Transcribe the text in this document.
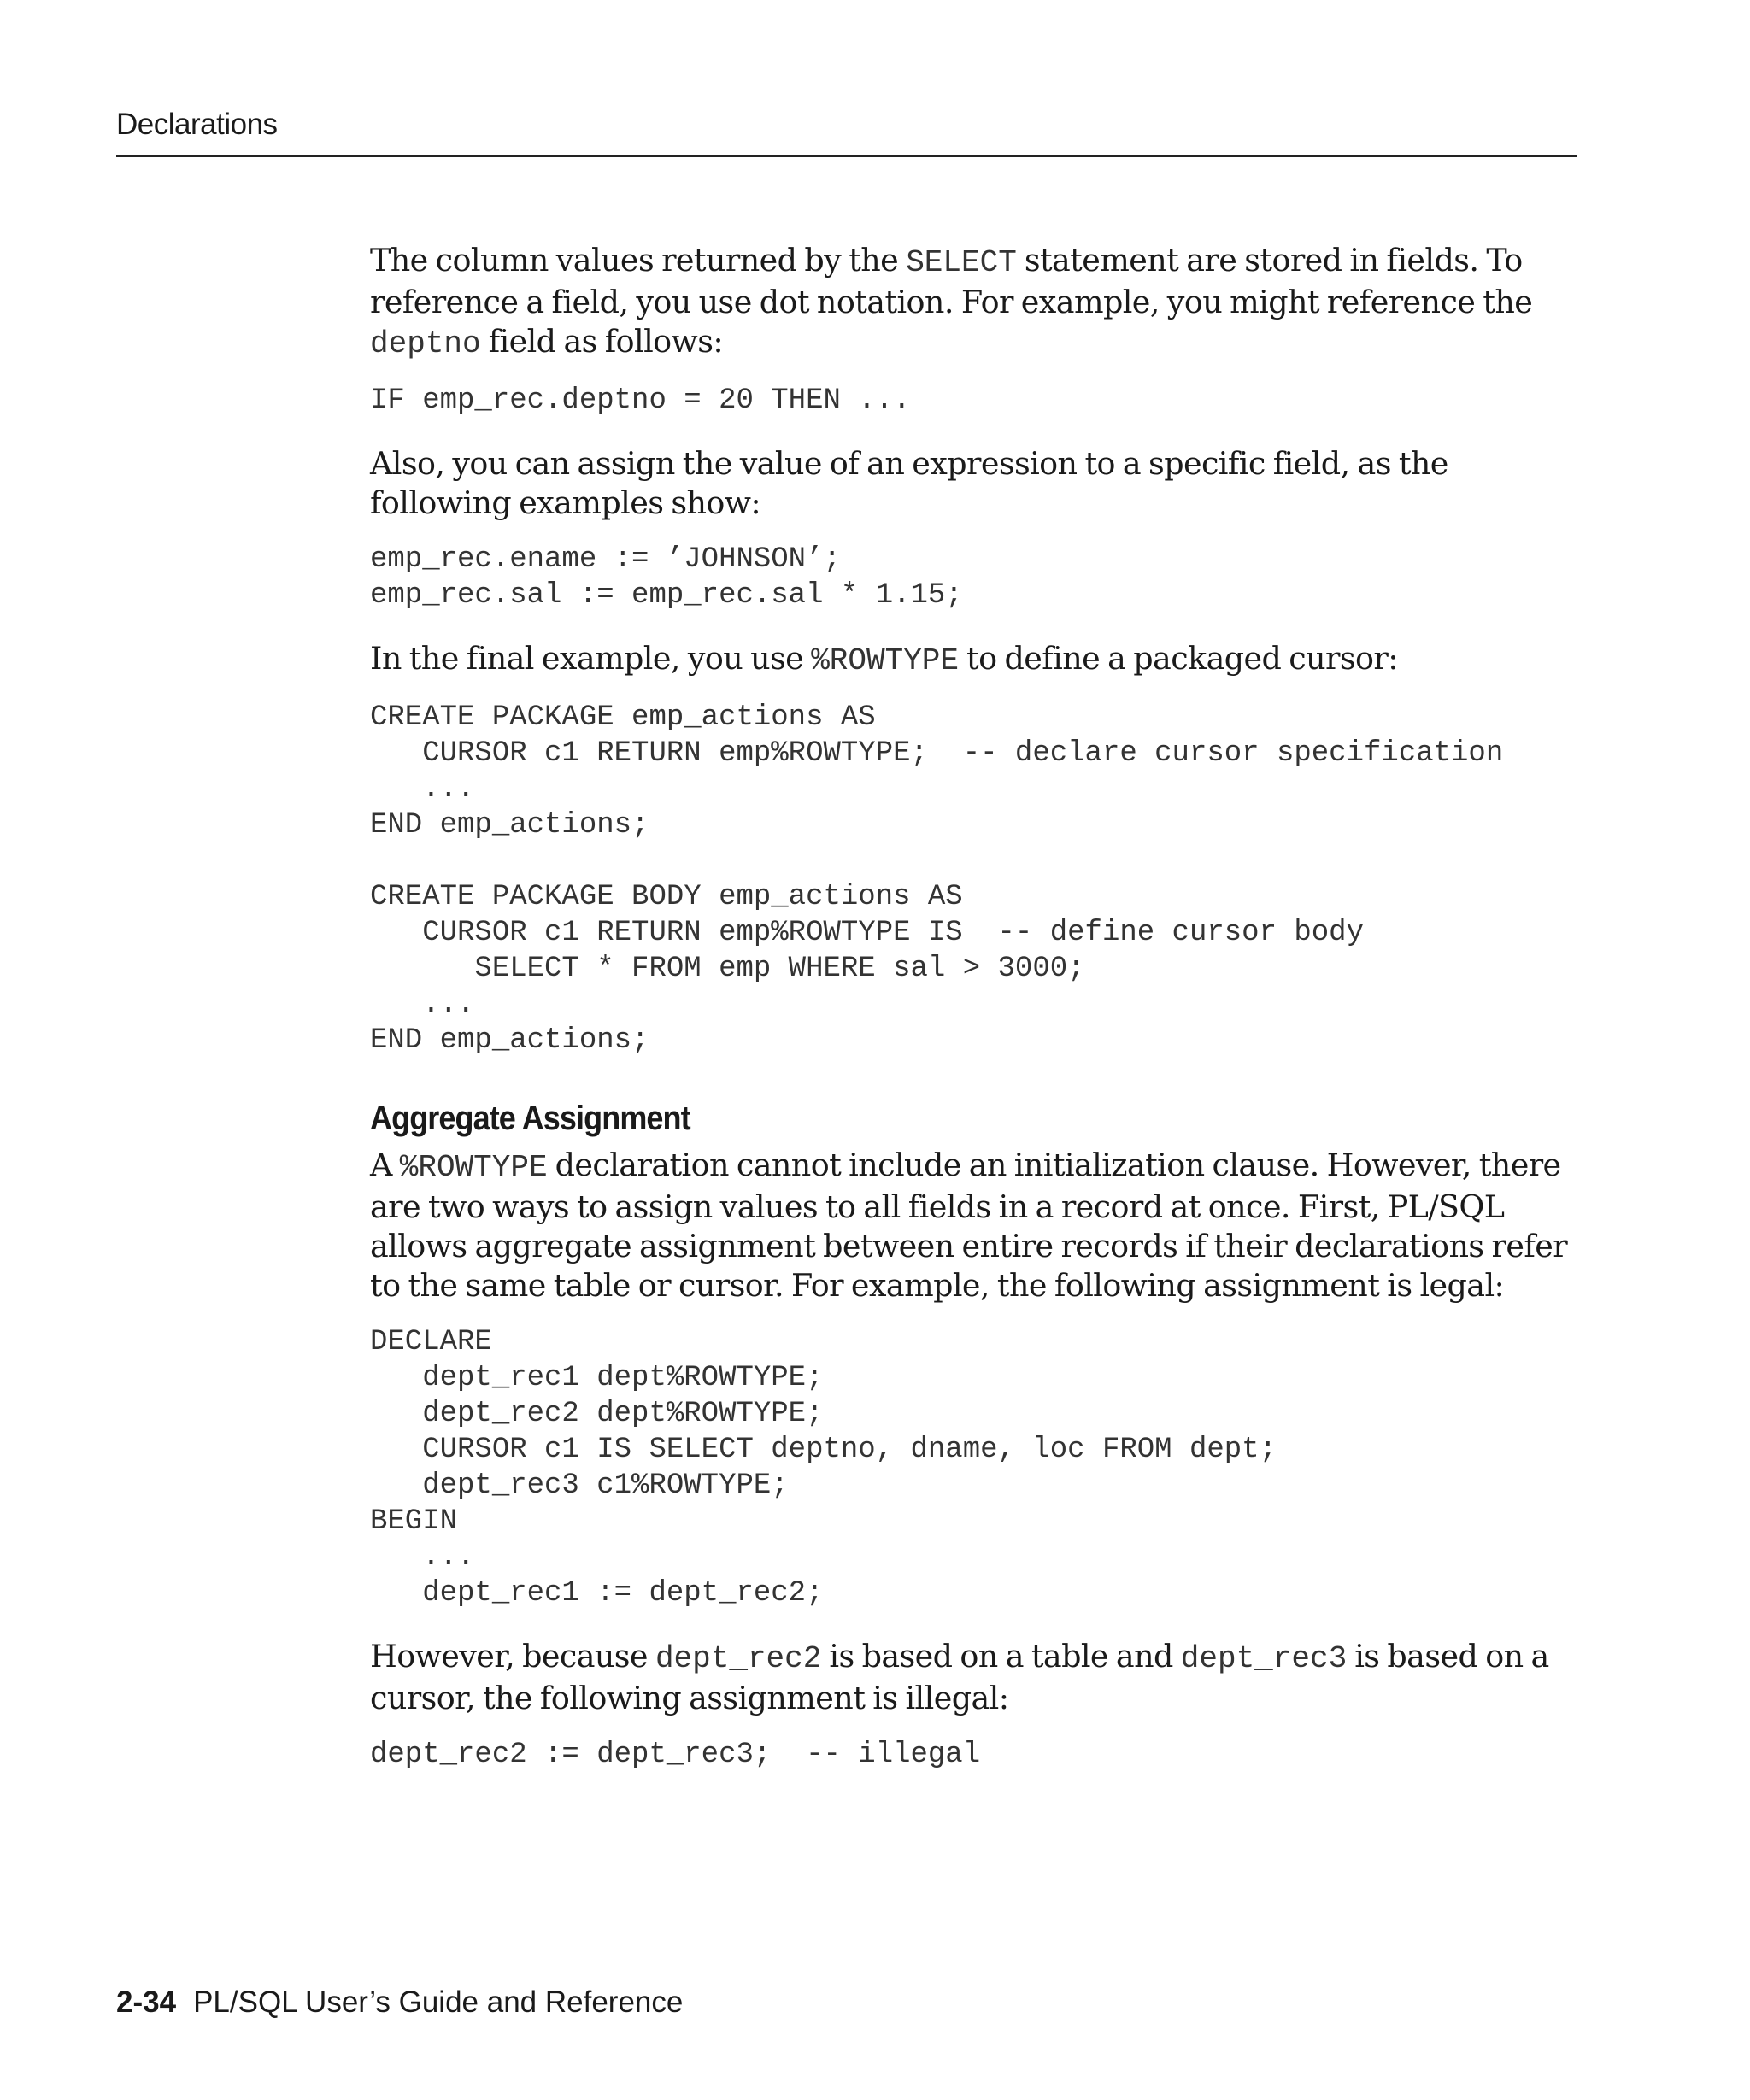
Declarations

The column values returned by the SELECT statement are stored in fields. To reference a field, you use dot notation. For example, you might reference the deptno field as follows:

IF emp_rec.deptno = 20 THEN ...

Also, you can assign the value of an expression to a specific field, as the following examples show:

emp_rec.ename := ’JOHNSON’;
emp_rec.sal := emp_rec.sal * 1.15;

In the final example, you use %ROWTYPE to define a packaged cursor:

CREATE PACKAGE emp_actions AS
CURSOR c1 RETURN emp%ROWTYPE;  -- declare cursor specification
...
END emp_actions;

CREATE PACKAGE BODY emp_actions AS
CURSOR c1 RETURN emp%ROWTYPE IS  -- define cursor body
SELECT * FROM emp WHERE sal > 3000;
...
END emp_actions;
Aggregate Assignment

A %ROWTYPE declaration cannot include an initialization clause. However, there are two ways to assign values to all fields in a record at once. First, PL/SQL allows aggregate assignment between entire records if their declarations refer to the same table or cursor. For example, the following assignment is legal:

DECLARE
dept_rec1 dept%ROWTYPE;
dept_rec2 dept%ROWTYPE;
CURSOR c1 IS SELECT deptno, dname, loc FROM dept;
dept_rec3 c1%ROWTYPE;
BEGIN
...
dept_rec1 := dept_rec2;

However, because dept_rec2 is based on a table and dept_rec3 is based on a cursor, the following assignment is illegal:

dept_rec2 := dept_rec3;  -- illegal
2-34 PL/SQL User’s Guide and Reference
